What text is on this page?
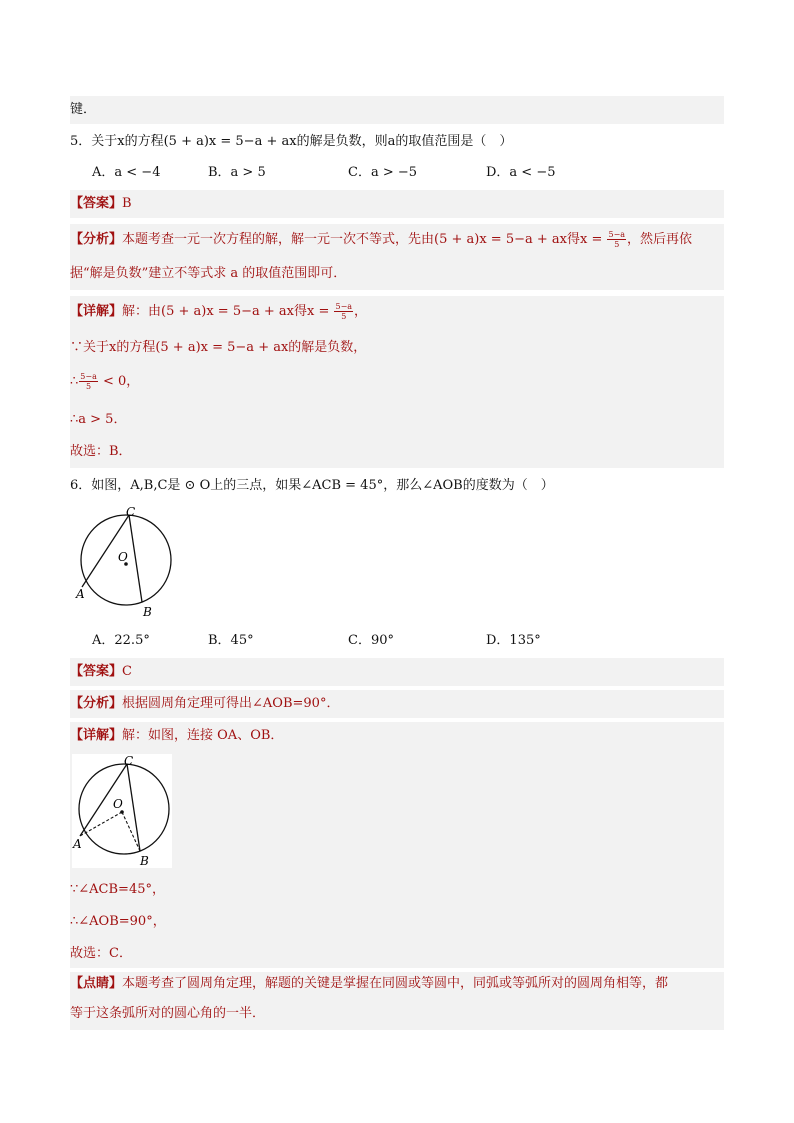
键．
5．关于x的方程(5 + a)x = 5−a + ax的解是负数，则a的取值范围是（　）
A．a < −4	B．a > 5	C．a > −5	D．a < −5
【答案】B
【分析】本题考查一元一次方程的解，解一元一次不等式，先由(5 + a)x = 5−a + ax得$x = \frac{5-a}{5}$ ，然后再依
据“解是负数”建立不等式求 a 的取值范围即可．
【详解】解：由(5 + a)x = 5−a + ax得$x = \frac{5-a}{5}$ ，
∵关于x的方程(5 + a)x = 5−a + ax的解是负数，
∴ $\frac{5-a}{5} < 0$，
∴a > 5．
故选：B．
6．如图，A,B,C是 ⊙ O上的三点，如果∠ACB = 45°，那么∠AOB的度数为（　）
C
O
A
B
A．22.5°	B．45°	C．90°	D．135°
【答案】C
【分析】根据圆周角定理可得出∠AOB=90°．
【详解】解：如图，连接 OA、OB．
C
O
A
B
∵∠ACB=45°，
∴∠AOB=90°，
故选：C．
【点睛】本题考查了圆周角定理，解题的关键是掌握在同圆或等圆中，同弧或等弧所对的圆周角相等，都
等于这条弧所对的圆心角的一半．
